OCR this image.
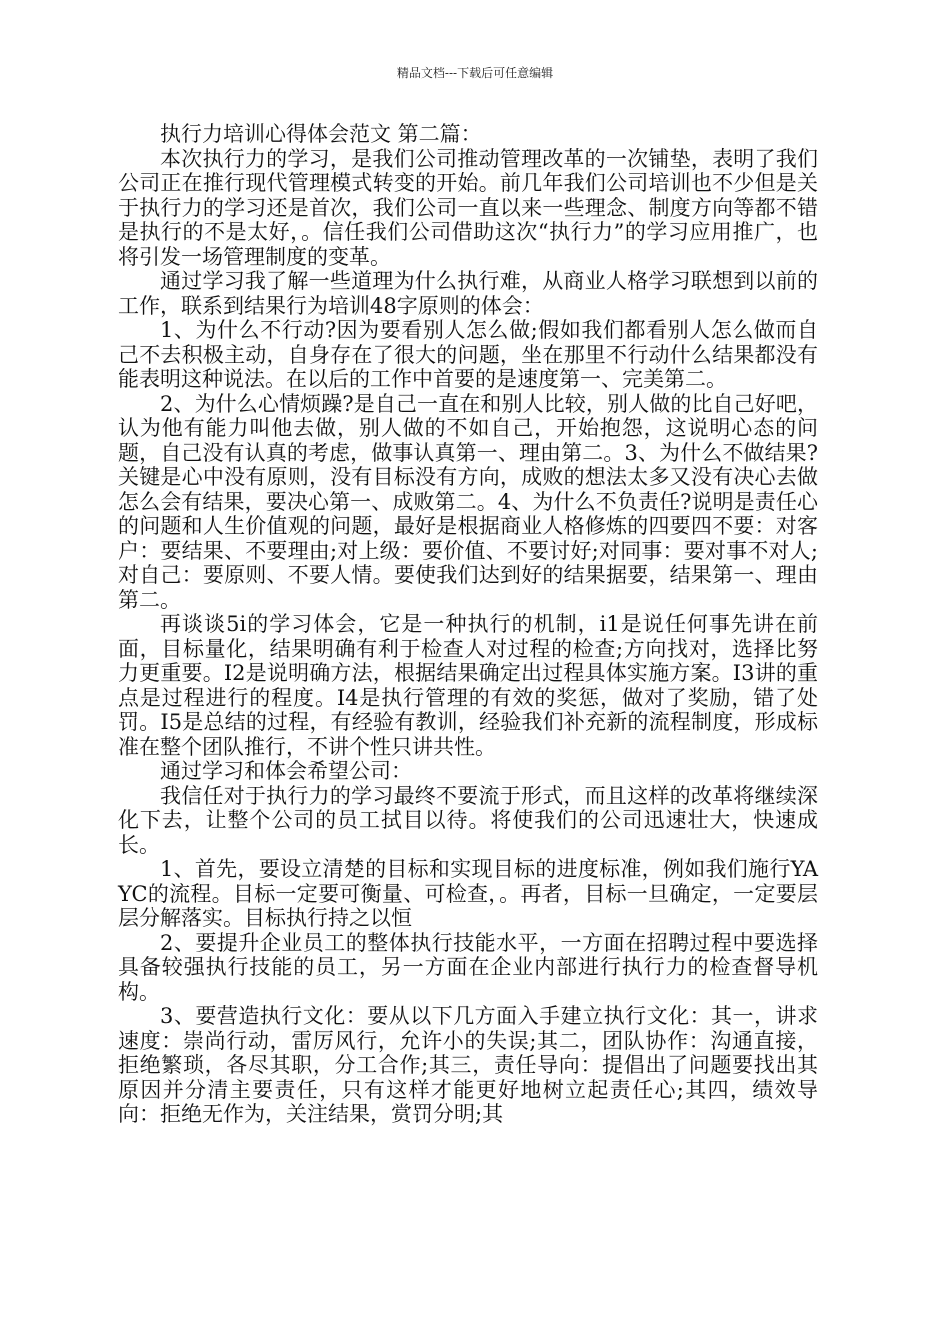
精品文档---下载后可任意编辑

执行力培训心得体会范文 第二篇：

本次执行力的学习，是我们公司推动管理改革的一次铺垫，表明了我们公司正在推行现代管理模式转变的开始。前几年我们公司培训也不少但是关于执行力的学习还是首次，我们公司一直以来一些理念、制度方向等都不错是执行的不是太好，。信任我们公司借助这次“执行力”的学习应用推广，也将引发一场管理制度的变革。

通过学习我了解一些道理为什么执行难，从商业人格学习联想到以前的工作，联系到结果行为培训48字原则的体会：

1、为什么不行动?因为要看别人怎么做;假如我们都看别人怎么做而自己不去积极主动，自身存在了很大的问题，坐在那里不行动什么结果都没有能表明这种说法。在以后的工作中首要的是速度第一、完美第二。

2、为什么心情烦躁?是自己一直在和别人比较，别人做的比自己好吧，认为他有能力叫他去做，别人做的不如自己，开始抱怨，这说明心态的问题，自己没有认真的考虑，做事认真第一、理由第二。3、为什么不做结果?关键是心中没有原则，没有目标没有方向，成败的想法太多又没有决心去做怎么会有结果，要决心第一、成败第二。4、为什么不负责任?说明是责任心的问题和人生价值观的问题，最好是根据商业人格修炼的四要四不要：对客户：要结果、不要理由;对上级：要价值、不要讨好;对同事：要对事不对人;对自己：要原则、不要人情。要使我们达到好的结果据要，结果第一、理由第二。

再谈谈5i的学习体会，它是一种执行的机制，i1是说任何事先讲在前面，目标量化，结果明确有利于检查人对过程的检查;方向找对，选择比努力更重要。I2是说明确方法，根据结果确定出过程具体实施方案。I3讲的重点是过程进行的程度。I4是执行管理的有效的奖惩，做对了奖励，错了处罚。I5是总结的过程，有经验有教训，经验我们补充新的流程制度，形成标准在整个团队推行，不讲个性只讲共性。

通过学习和体会希望公司：

我信任对于执行力的学习最终不要流于形式，而且这样的改革将继续深化下去，让整个公司的员工拭目以待。将使我们的公司迅速壮大，快速成长。

1、首先，要设立清楚的目标和实现目标的进度标准，例如我们施行YAYC的流程。目标一定要可衡量、可检查，。再者，目标一旦确定，一定要层层分解落实。目标执行持之以恒

2、要提升企业员工的整体执行技能水平，一方面在招聘过程中要选择具备较强执行技能的员工，另一方面在企业内部进行执行力的检查督导机构。

3、要营造执行文化：要从以下几方面入手建立执行文化：其一，讲求速度：崇尚行动，雷厉风行，允许小的失误;其二，团队协作：沟通直接，拒绝繁琐，各尽其职，分工合作;其三，责任导向：提倡出了问题要找出其原因并分清主要责任，只有这样才能更好地树立起责任心;其四，绩效导向：拒绝无作为，关注结果，赏罚分明;其
